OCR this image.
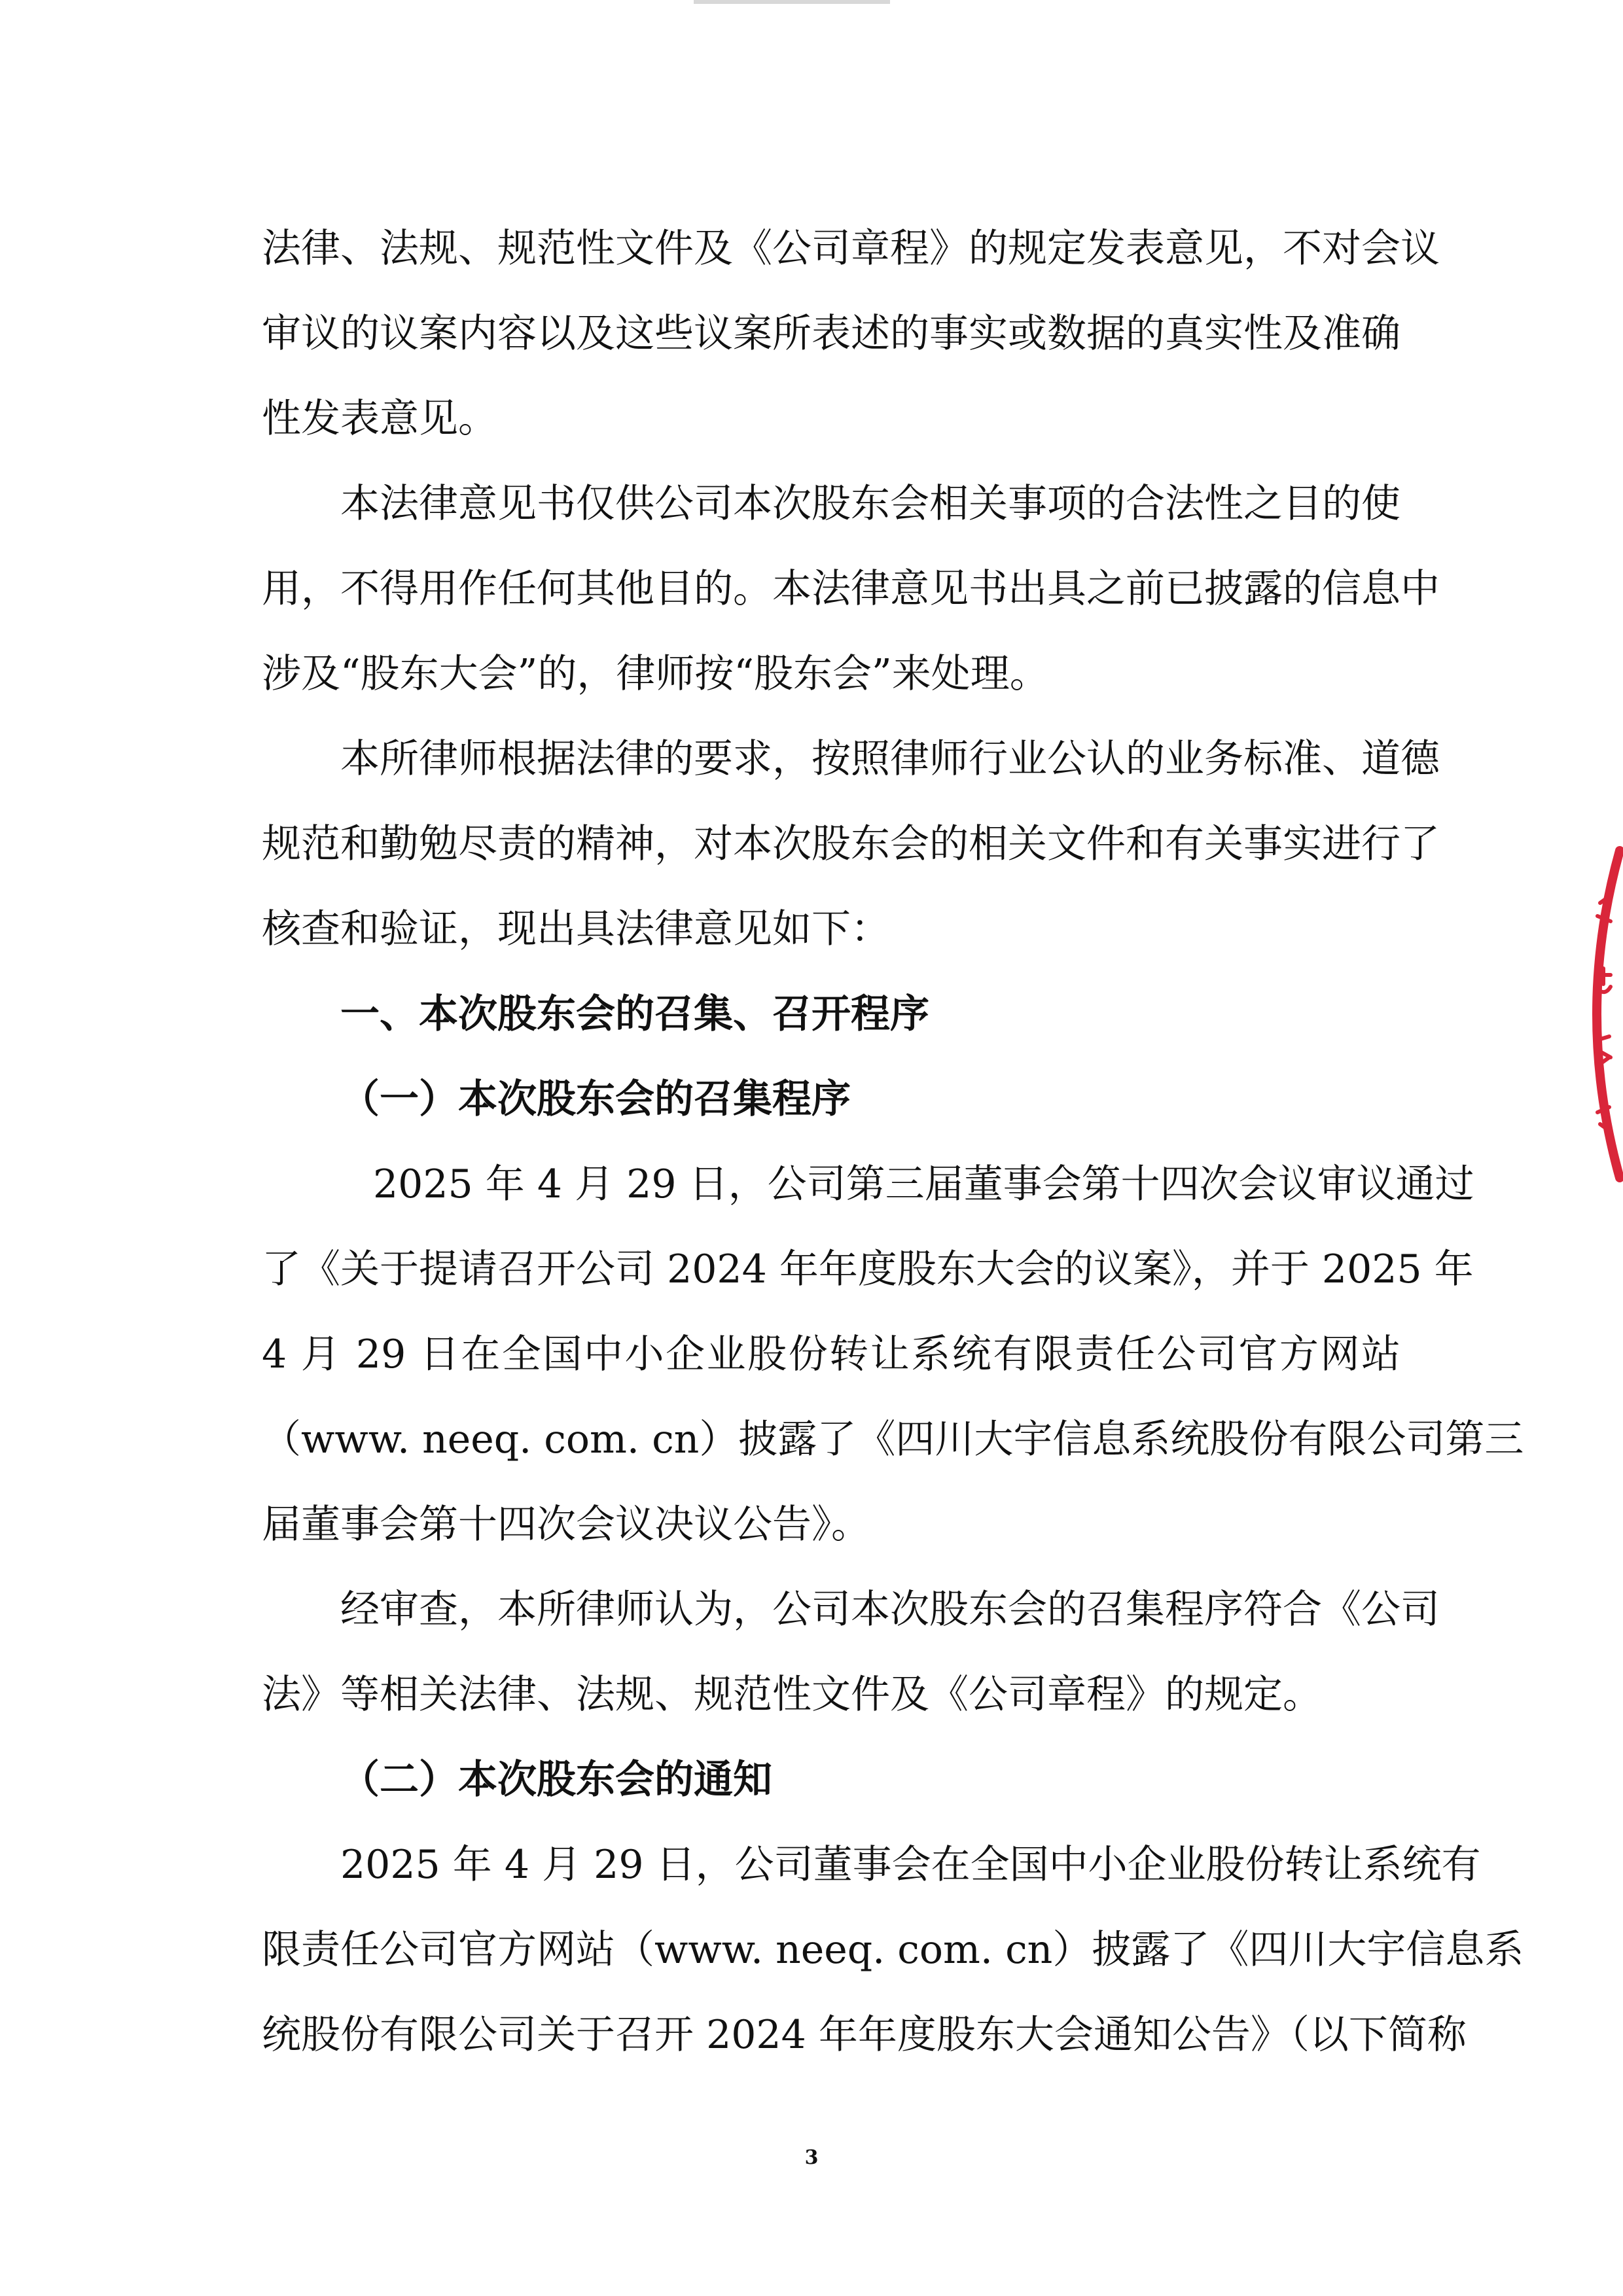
法律、法规、规范性文件及《公司章程》的规定发表意见，不对会议
审议的议案内容以及这些议案所表述的事实或数据的真实性及准确
性发表意见。
本法律意见书仅供公司本次股东会相关事项的合法性之目的使
用，不得用作任何其他目的。本法律意见书出具之前已披露的信息中
涉及“股东大会”的，律师按“股东会”来处理。
本所律师根据法律的要求，按照律师行业公认的业务标准、道德
规范和勤勉尽责的精神，对本次股东会的相关文件和有关事实进行了
核查和验证，现出具法律意见如下：
一、本次股东会的召集、召开程序
（一）本次股东会的召集程序
2025 年 4 月 29 日，公司第三届董事会第十四次会议审议通过
了《关于提请召开公司 2024 年年度股东大会的议案》，并于 2025 年
4 月 29 日在全国中小企业股份转让系统有限责任公司官方网站
（www. neeq. com. cn）披露了《四川大宇信息系统股份有限公司第三
届董事会第十四次会议决议公告》。
经审查，本所律师认为，公司本次股东会的召集程序符合《公司
法》等相关法律、法规、规范性文件及《公司章程》的规定。
（二）本次股东会的通知
2025 年 4 月 29 日，公司董事会在全国中小企业股份转让系统有
限责任公司官方网站（www. neeq. com. cn）披露了《四川大宇信息系
统股份有限公司关于召开 2024 年年度股东大会通知公告》（以下简称
3
